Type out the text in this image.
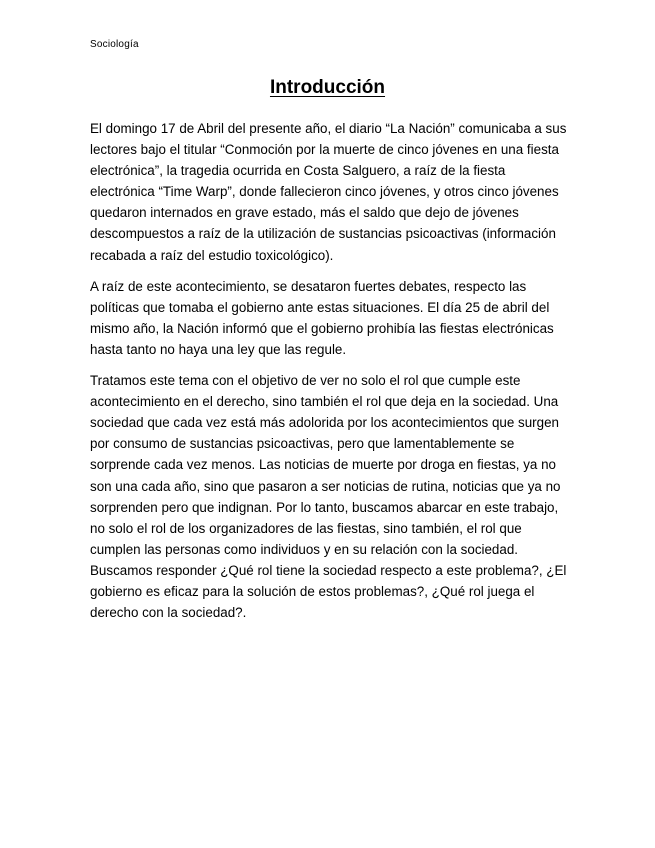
Sociología
Introducción

El domingo 17 de Abril del presente año, el diario “La Nación” comunicaba a sus lectores bajo el titular “Conmoción por la muerte de cinco jóvenes en una fiesta electrónica”, la tragedia ocurrida en Costa Salguero, a raíz de la fiesta electrónica “Time Warp”, donde fallecieron cinco jóvenes, y otros cinco jóvenes quedaron internados en grave estado, más el saldo que dejo de jóvenes descompuestos a raíz de la utilización de sustancias psicoactivas (información recabada a raíz del estudio toxicológico).

A raíz de este acontecimiento, se desataron fuertes debates, respecto las políticas que tomaba el gobierno ante estas situaciones. El día 25 de abril del mismo año, la Nación informó que el gobierno prohibía las fiestas electrónicas hasta tanto no haya una ley que las regule.

Tratamos este tema con el objetivo de ver no solo el rol que cumple este acontecimiento en el derecho, sino también el rol que deja en la sociedad. Una sociedad que cada vez está más adolorida por los acontecimientos que surgen por consumo de sustancias psicoactivas, pero que lamentablemente se sorprende cada vez menos. Las noticias de muerte por droga en fiestas, ya no son una cada año, sino que pasaron a ser noticias de rutina, noticias que ya no sorprenden pero que indignan. Por lo tanto, buscamos abarcar en este trabajo, no solo el rol de los organizadores de las fiestas, sino también, el rol que cumplen las personas como individuos y en su relación con la sociedad. Buscamos responder ¿Qué rol tiene la sociedad respecto a este problema?, ¿El gobierno es eficaz para la solución de estos problemas?, ¿Qué rol juega el derecho con la sociedad?.
